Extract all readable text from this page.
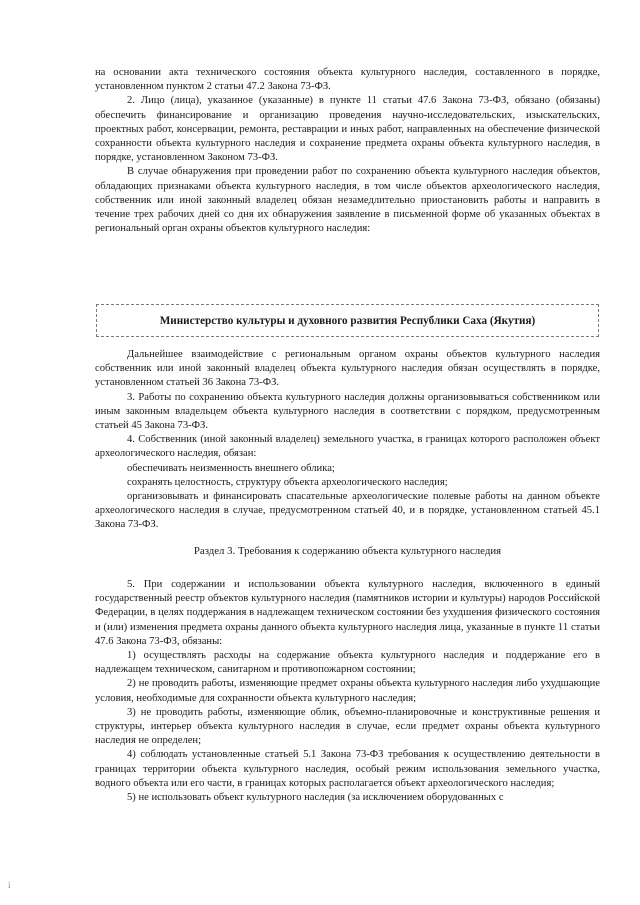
на основании акта технического состояния объекта культурного наследия, составленного в порядке, установленном пунктом 2 статьи 47.2 Закона 73-ФЗ.

2. Лицо (лица), указанное (указанные) в пункте 11 статьи 47.6 Закона 73-ФЗ, обязано (обязаны) обеспечить финансирование и организацию проведения научно-исследовательских, изыскательских, проектных работ, консервации, ремонта, реставрации и иных работ, направленных на обеспечение физической сохранности объекта культурного наследия и сохранение предмета охраны объекта культурного наследия, в порядке, установленном Законом 73-ФЗ.

В случае обнаружения при проведении работ по сохранению объекта культурного наследия объектов, обладающих признаками объекта культурного наследия, в том числе объектов археологического наследия, собственник или иной законный владелец обязан незамедлительно приостановить работы и направить в течение трех рабочих дней со дня их обнаружения заявление в письменной форме об указанных объектах в региональный орган охраны объектов культурного наследия:

Министерство культуры и духовного развития Республики Саха (Якутия)

Дальнейшее взаимодействие с региональным органом охраны объектов культурного наследия собственник или иной законный владелец объекта культурного наследия обязан осуществлять в порядке, установленном статьей 36 Закона 73-ФЗ.

3. Работы по сохранению объекта культурного наследия должны организовываться собственником или иным законным владельцем объекта культурного наследия в соответствии с порядком, предусмотренным статьей 45 Закона 73-ФЗ.

4. Собственник (иной законный владелец) земельного участка, в границах которого расположен объект археологического наследия, обязан:

обеспечивать неизменность внешнего облика;

сохранять целостность, структуру объекта археологического наследия;

организовывать и финансировать спасательные археологические полевые работы на данном объекте археологического наследия в случае, предусмотренном статьей 40, и в порядке, установленном статьей 45.1 Закона 73-ФЗ.

Раздел 3. Требования к содержанию объекта культурного наследия

5. При содержании и использовании объекта культурного наследия, включенного в единый государственный реестр объектов культурного наследия (памятников истории и культуры) народов Российской Федерации, в целях поддержания в надлежащем техническом состоянии без ухудшения физического состояния и (или) изменения предмета охраны данного объекта культурного наследия лица, указанные в пункте 11 статьи 47.6 Закона 73-ФЗ, обязаны:

1) осуществлять расходы на содержание объекта культурного наследия и поддержание его в надлежащем техническом, санитарном и противопожарном состоянии;

2) не проводить работы, изменяющие предмет охраны объекта культурного наследия либо ухудшающие условия, необходимые для сохранности объекта культурного наследия;

3) не проводить работы, изменяющие облик, объемно-планировочные и конструктивные решения и структуры, интерьер объекта культурного наследия в случае, если предмет охраны объекта культурного наследия не определен;

4) соблюдать установленные статьей 5.1 Закона 73-ФЗ требования к осуществлению деятельности в границах территории объекта культурного наследия, особый режим использования земельного участка, водного объекта или его части, в границах которых располагается объект археологического наследия;

5) не использовать объект культурного наследия (за исключением оборудованных с

i
